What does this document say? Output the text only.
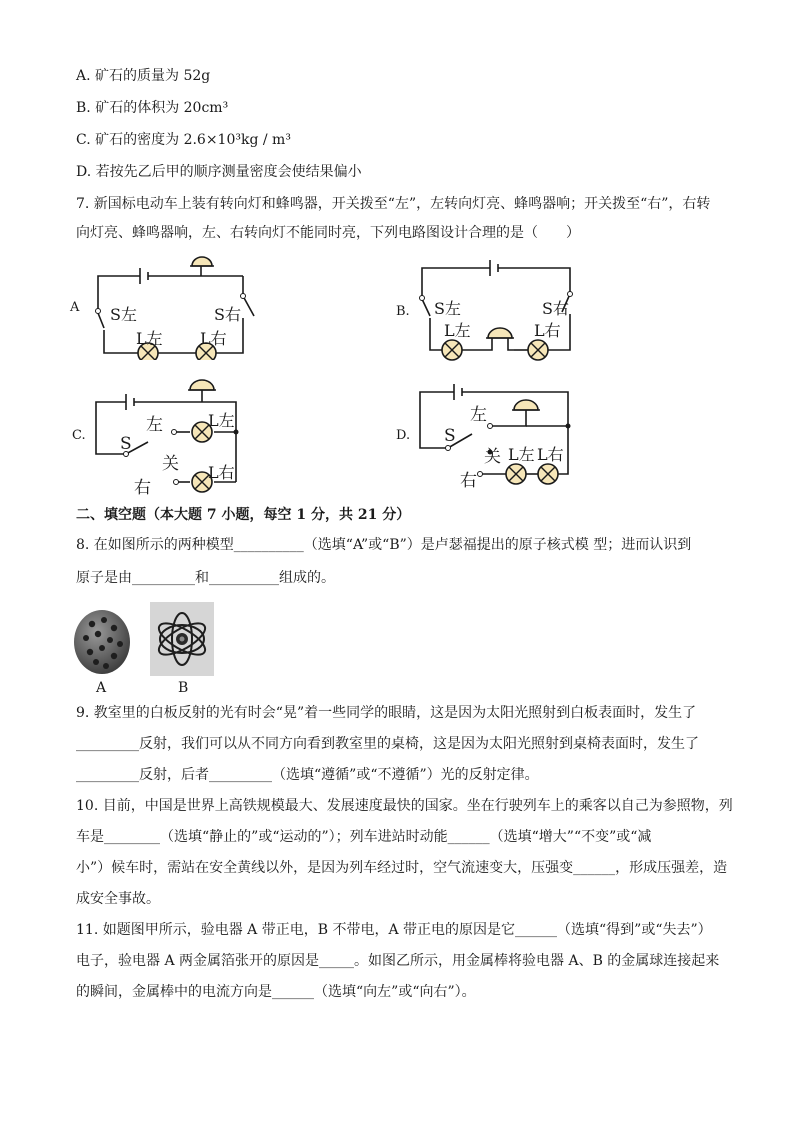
A. 矿石的质量为 52g
B. 矿石的体积为 20cm³
C. 矿石的密度为 2.6×10³kg / m³
D. 若按先乙后甲的顺序测量密度会使结果偏小
7. 新国标电动车上装有转向灯和蜂鸣器，开关拨至“左”，左转向灯亮、蜂鸣器响；开关拨至“右”，右转
向灯亮、蜂鸣器响，左、右转向灯不能同时亮，下列电路图设计合理的是（　　）
A S左	S右
L左 L右
B. S左	S右
L左	L右
C.
左
S
关
右
L左
L右
D.
左
S
关
右
L左 L右
二、填空题（本大题 7 小题，每空 1 分，共 21 分）
8. 在如图所示的两种模型__________（选填“A”或“B”）是卢瑟福提出的原子核式模 型；进而认识到
原子是由_________和__________组成的。
A	B
9. 教室里的白板反射的光有时会“晃”着一些同学的眼睛，这是因为太阳光照射到白板表面时，发生了
_________反射，我们可以从不同方向看到教室里的桌椅，这是因为太阳光照射到桌椅表面时，发生了
_________反射，后者_________（选填“遵循”或“不遵循”）光的反射定律。
10. 目前，中国是世界上高铁规模最大、发展速度最快的国家。坐在行驶列车上的乘客以自己为参照物，列
车是________（选填“静止的”或“运动的”）；列车进站时动能______（选填“增大”“不变”或“减
小”）候车时，需站在安全黄线以外，是因为列车经过时，空气流速变大，压强变______，形成压强差，造
成安全事故。
11. 如题图甲所示，验电器 A 带正电，B 不带电，A 带正电的原因是它______（选填“得到”或“失去”）
电子，验电器 A 两金属箔张开的原因是_____。如图乙所示，用金属棒将验电器 A、B 的金属球连接起来
的瞬间，金属棒中的电流方向是______（选填“向左”或“向右”）。
